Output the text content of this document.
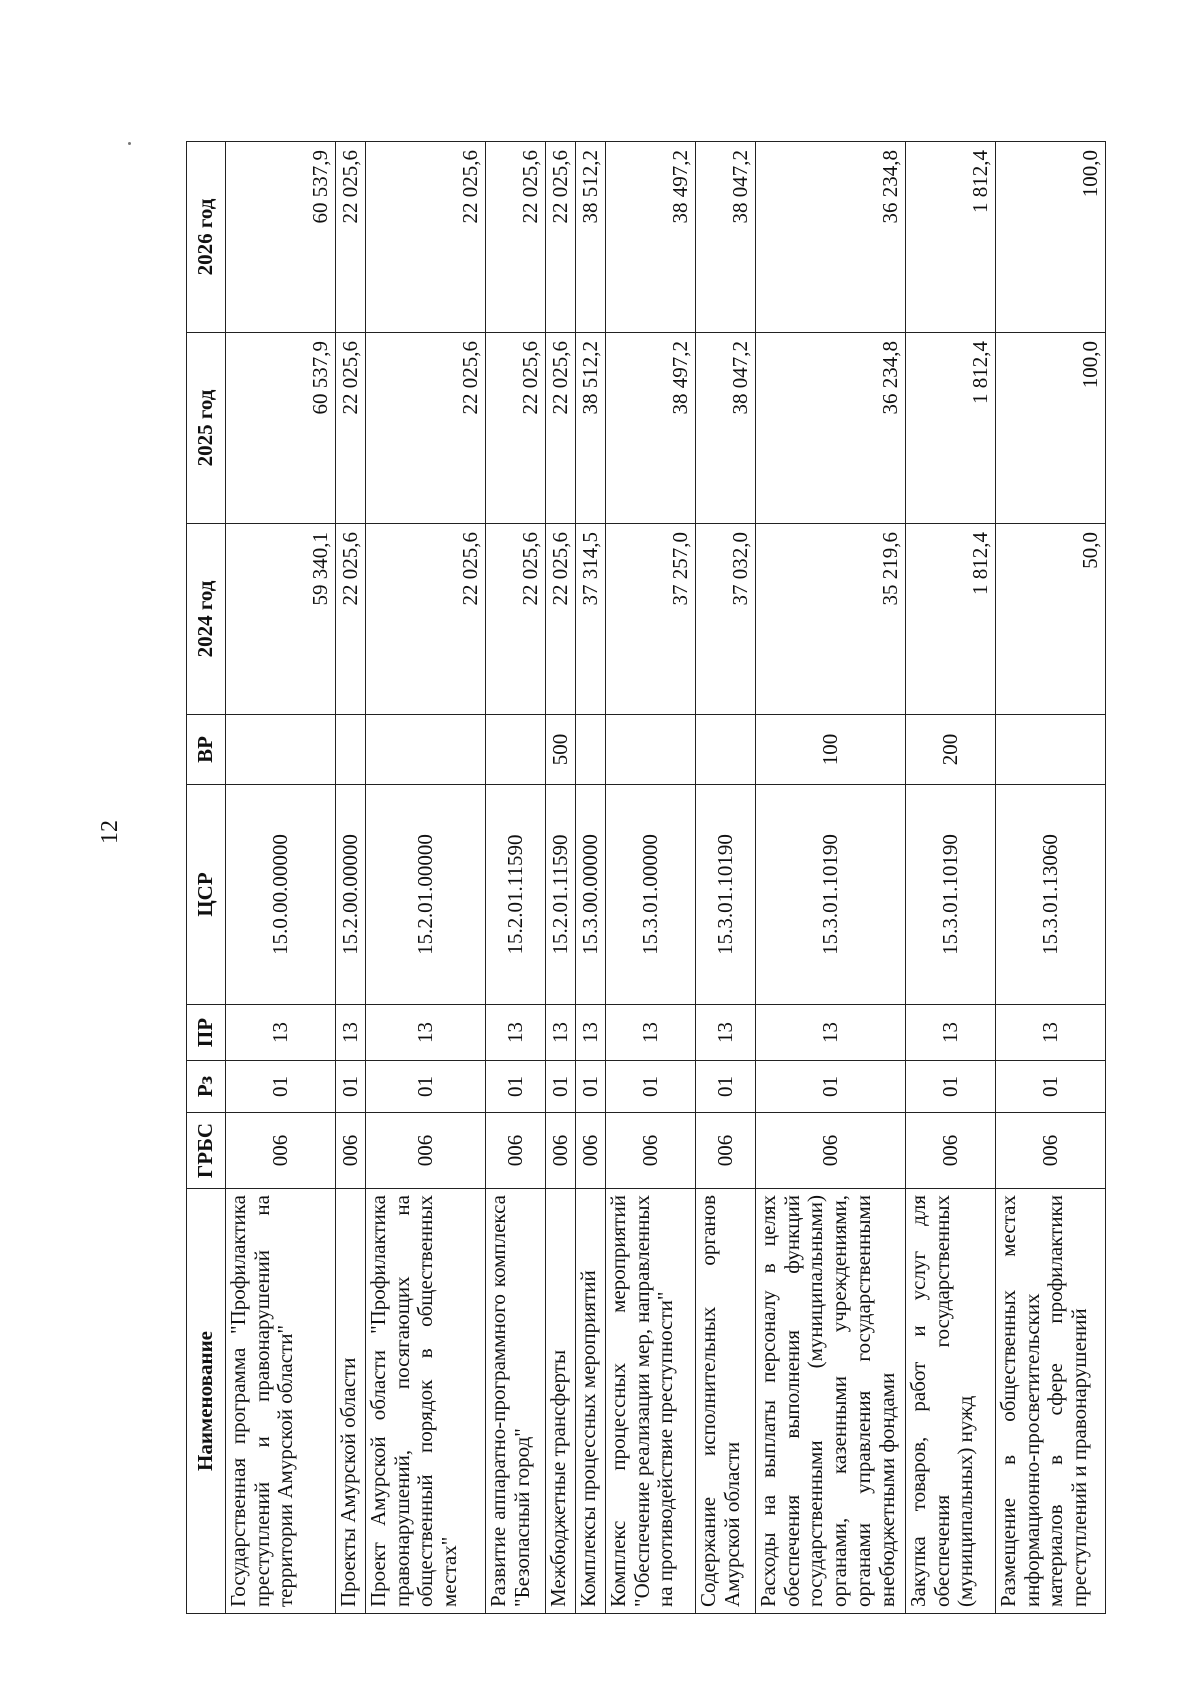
12
Наименование	ГРБС	Рз	ПР	ЦСР	ВР	2024 год	2025 год	2026 год
Государственная программа "Профилактика преступлений и правонарушений на территории Амурской области"	006	01	13	15.0.00.00000		59 340,1	60 537,9	60 537,9
Проекты Амурской области	006	01	13	15.2.00.00000		22 025,6	22 025,6	22 025,6
Проект Амурской области "Профилактика правонарушений, посягающих на общественный порядок в общественных местах"	006	01	13	15.2.01.00000		22 025,6	22 025,6	22 025,6
Развитие аппаратно-программного комплекса "Безопасный город"	006	01	13	15.2.01.11590		22 025,6	22 025,6	22 025,6
Межбюджетные трансферты	006	01	13	15.2.01.11590	500	22 025,6	22 025,6	22 025,6
Комплексы процессных мероприятий	006	01	13	15.3.00.00000		37 314,5	38 512,2	38 512,2
Комплекс процессных мероприятий "Обеспечение реализации мер, направленных на противодействие преступности"	006	01	13	15.3.01.00000		37 257,0	38 497,2	38 497,2
Содержание исполнительных органов Амурской области	006	01	13	15.3.01.10190		37 032,0	38 047,2	38 047,2
Расходы на выплаты персоналу в целях обеспечения выполнения функций государственными (муниципальными) органами, казенными учреждениями, органами управления государственными внебюджетными фондами	006	01	13	15.3.01.10190	100	35 219,6	36 234,8	36 234,8
Закупка товаров, работ и услуг для обеспечения государственных (муниципальных) нужд	006	01	13	15.3.01.10190	200	1 812,4	1 812,4	1 812,4
Размещение в общественных местах информационно-просветительских материалов в сфере профилактики преступлений и правонарушений	006	01	13	15.3.01.13060		50,0	100,0	100,0
